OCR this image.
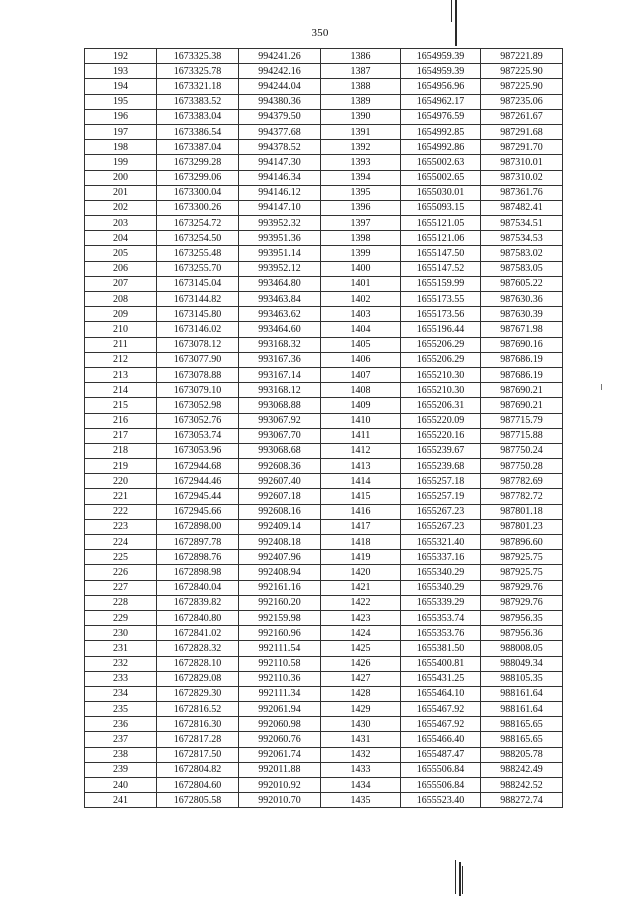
350
192	1673325.38	994241.26	1386	1654959.39	987221.89
193	1673325.78	994242.16	1387	1654959.39	987225.90
194	1673321.18	994244.04	1388	1654956.96	987225.90
195	1673383.52	994380.36	1389	1654962.17	987235.06
196	1673383.04	994379.50	1390	1654976.59	987261.67
197	1673386.54	994377.68	1391	1654992.85	987291.68
198	1673387.04	994378.52	1392	1654992.86	987291.70
199	1673299.28	994147.30	1393	1655002.63	987310.01
200	1673299.06	994146.34	1394	1655002.65	987310.02
201	1673300.04	994146.12	1395	1655030.01	987361.76
202	1673300.26	994147.10	1396	1655093.15	987482.41
203	1673254.72	993952.32	1397	1655121.05	987534.51
204	1673254.50	993951.36	1398	1655121.06	987534.53
205	1673255.48	993951.14	1399	1655147.50	987583.02
206	1673255.70	993952.12	1400	1655147.52	987583.05
207	1673145.04	993464.80	1401	1655159.99	987605.22
208	1673144.82	993463.84	1402	1655173.55	987630.36
209	1673145.80	993463.62	1403	1655173.56	987630.39
210	1673146.02	993464.60	1404	1655196.44	987671.98
211	1673078.12	993168.32	1405	1655206.29	987690.16
212	1673077.90	993167.36	1406	1655206.29	987686.19
213	1673078.88	993167.14	1407	1655210.30	987686.19
214	1673079.10	993168.12	1408	1655210.30	987690.21
215	1673052.98	993068.88	1409	1655206.31	987690.21
216	1673052.76	993067.92	1410	1655220.09	987715.79
217	1673053.74	993067.70	1411	1655220.16	987715.88
218	1673053.96	993068.68	1412	1655239.67	987750.24
219	1672944.68	992608.36	1413	1655239.68	987750.28
220	1672944.46	992607.40	1414	1655257.18	987782.69
221	1672945.44	992607.18	1415	1655257.19	987782.72
222	1672945.66	992608.16	1416	1655267.23	987801.18
223	1672898.00	992409.14	1417	1655267.23	987801.23
224	1672897.78	992408.18	1418	1655321.40	987896.60
225	1672898.76	992407.96	1419	1655337.16	987925.75
226	1672898.98	992408.94	1420	1655340.29	987925.75
227	1672840.04	992161.16	1421	1655340.29	987929.76
228	1672839.82	992160.20	1422	1655339.29	987929.76
229	1672840.80	992159.98	1423	1655353.74	987956.35
230	1672841.02	992160.96	1424	1655353.76	987956.36
231	1672828.32	992111.54	1425	1655381.50	988008.05
232	1672828.10	992110.58	1426	1655400.81	988049.34
233	1672829.08	992110.36	1427	1655431.25	988105.35
234	1672829.30	992111.34	1428	1655464.10	988161.64
235	1672816.52	992061.94	1429	1655467.92	988161.64
236	1672816.30	992060.98	1430	1655467.92	988165.65
237	1672817.28	992060.76	1431	1655466.40	988165.65
238	1672817.50	992061.74	1432	1655487.47	988205.78
239	1672804.82	992011.88	1433	1655506.84	988242.49
240	1672804.60	992010.92	1434	1655506.84	988242.52
241	1672805.58	992010.70	1435	1655523.40	988272.74
